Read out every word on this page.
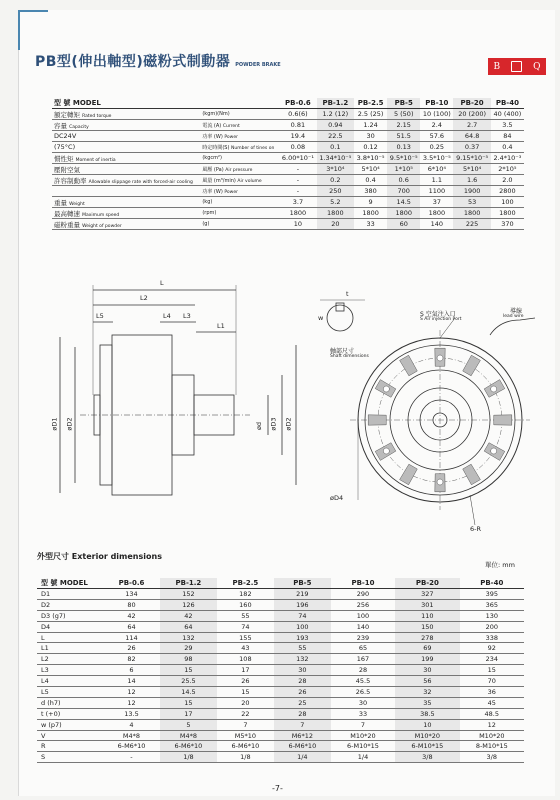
PB型(伸出軸型)磁粉式制動器 POWDER BRAKE	B	Q
型 號 MODEL		PB-0.6	PB-1.2	PB-2.5	PB-5	PB-10	PB-20	PB-40
額定轉矩 Rated torque	(kgm)(Nm)	0.6(6)	1.2 (12)	2.5 (25)	5 (50)	10 (100)	20 (200)	40 (400)
容量 Capacity	電流 (A) Current	0.81	0.94	1.24	2.15	2.4	2.7	3.5
DC24V	功率 (W) Power	19.4	22.5	30	51.5	57.6	64.8	84
(75°C)	時定時間(S) Number of tines on	0.08	0.1	0.12	0.13	0.25	0.37	0.4
慣性矩 Moment of inertia	(kgcm²)	6.00*10⁻¹	1.34*10⁻⁵	3.8*10⁻⁵	9.5*10⁻⁵	3.5*10⁻⁵	9.15*10⁻⁵	2.4*10⁻³
壓附空氣	風壓 (Pa) Air pressure	-	3*10⁴	5*10⁴	1*10⁵	6*10⁴	5*10⁴	2*10⁵
許容制動率 Allowable slippage rate with forced-air cooling	風量 (m³/min) Air volume	-	0.2	0.4	0.6	1.1	1.6	2.0
	功率 (W) Power	-	250	380	700	1100	1900	2800
重量 Weight	(kg)	3.7	5.2	9	14.5	37	53	100
最高轉速 Maximum speed	(rpm)	1800	1800	1800	1800	1800	1800	1800
磁粉重量 Weight of powder	(g)	10	20	33	60	140	225	370
L
L2
L5	L4 L3
L1
øD1 øD2	ød øD3 øD2
t
w
軸部尺寸
Shaft dimensions
S 空氣注入口
S Air injection Port
導線
lead wire
øD4
6-R
外型尺寸 Exterior dimensions
單位: mm
型 號 MODEL	PB-0.6	PB-1.2	PB-2.5	PB-5	PB-10	PB-20	PB-40
D1	134	152	182	219	290	327	395
D2	80	126	160	196	256	301	365
D3 (g7)	42	42	55	74	100	110	130
D4	64	64	74	100	140	150	200
L	114	132	155	193	239	278	338
L1	26	29	43	55	65	69	92
L2	82	98	108	132	167	199	234
L3	6	15	17	30	28	30	15
L4	14	25.5	26	28	45.5	56	70
L5	12	14.5	15	26	26.5	32	36
d (h7)	12	15	20	25	30	35	45
t (+0)	13.5	17	22	28	33	38.5	48.5
w (p7)	4	5	7	7	7	10	12
V	M4*8	M4*8	M5*10	M6*12	M10*20	M10*20	M10*20
R	6-M6*10	6-M6*10	6-M6*10	6-M6*10	6-M10*15	6-M10*15	8-M10*15
S	-	1/8	1/8	1/4	1/4	3/8	3/8
-7-
